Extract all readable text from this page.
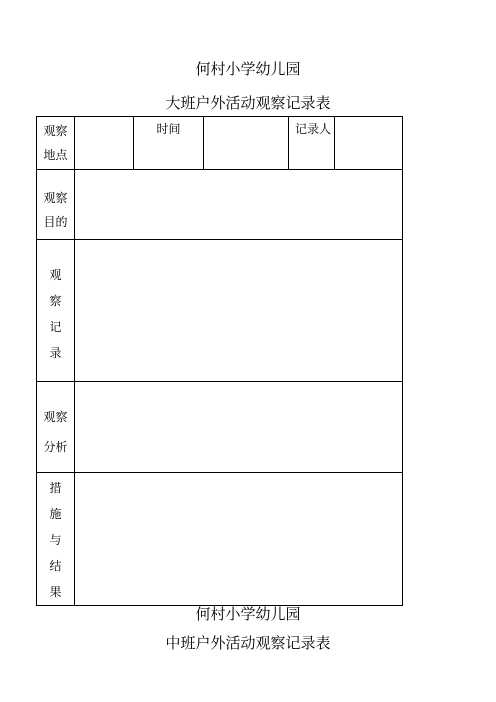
何村小学幼儿园
大班户外活动观察记录表
观察地点		时间		记录人	

观察目的					

观
察
记
录					

观察分析					

措
施
与
结
果					

何村小学幼儿园
中班户外活动观察记录表
